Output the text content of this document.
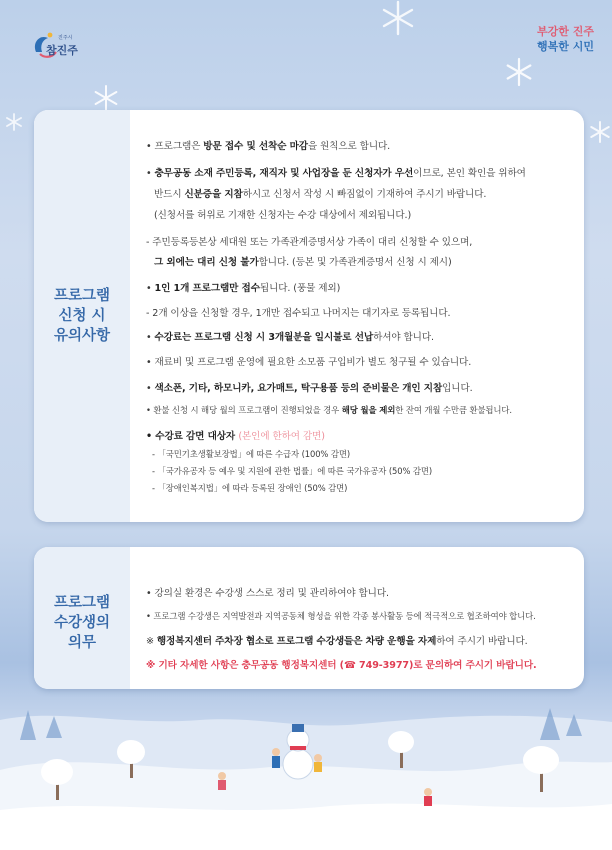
참진주
진주시	부강한 진주
행복한 시민
프로그램
신청 시
유의사항
• 프로그램은 방문 접수 및 선착순 마감을 원칙으로 합니다.
• 충무공동 소재 주민등록, 재직자 및 사업장을 둔 신청자가 우선이므로, 본인 확인을 위하여
반드시 신분증을 지참하시고 신청서 작성 시 빠짐없이 기재하여 주시기 바랍니다.
(신청서를 허위로 기재한 신청자는 수강 대상에서 제외됩니다.)
- 주민등록등본상 세대원 또는 가족관계증명서상 가족이 대리 신청할 수 있으며,
그 외에는 대리 신청 불가합니다. (등본 및 가족관계증명서 신청 시 제시)
• 1인 1개 프로그램만 접수됩니다. (풍물 제외)
- 2개 이상을 신청할 경우, 1개만 접수되고 나머지는 대기자로 등록됩니다.
• 수강료는 프로그램 신청 시 3개월분을 일시불로 선납하셔야 합니다.
• 재료비 및 프로그램 운영에 필요한 소모품 구입비가 별도 청구될 수 있습니다.
• 색소폰, 기타, 하모니카, 요가매트, 탁구용품 등의 준비물은 개인 지참입니다.
• 환불 신청 시 해당 월의 프로그램이 진행되었을 경우 해당 월을 제외한 잔여 개월 수만큼 환불됩니다.
• 수강료 감면 대상자 (본인에 한하여 감면)
- 「국민기초생활보장법」에 따른 수급자 (100% 감면)
- 「국가유공자 등 예우 및 지원에 관한 법률」에 따른 국가유공자 (50% 감면)
- 「장애인복지법」에 따라 등록된 장애인 (50% 감면)
프로그램
수강생의
의무
• 강의실 환경은 수강생 스스로 정리 및 관리하여야 합니다.
• 프로그램 수강생은 지역발전과 지역공동체 형성을 위한 각종 봉사활동 등에 적극적으로 협조하여야 합니다.
※ 행정복지센터 주차장 협소로 프로그램 수강생들은 차량 운행을 자제하여 주시기 바랍니다.
※ 기타 자세한 사항은 충무공동 행정복지센터 (☎ 749-3977)로 문의하여 주시기 바랍니다.
